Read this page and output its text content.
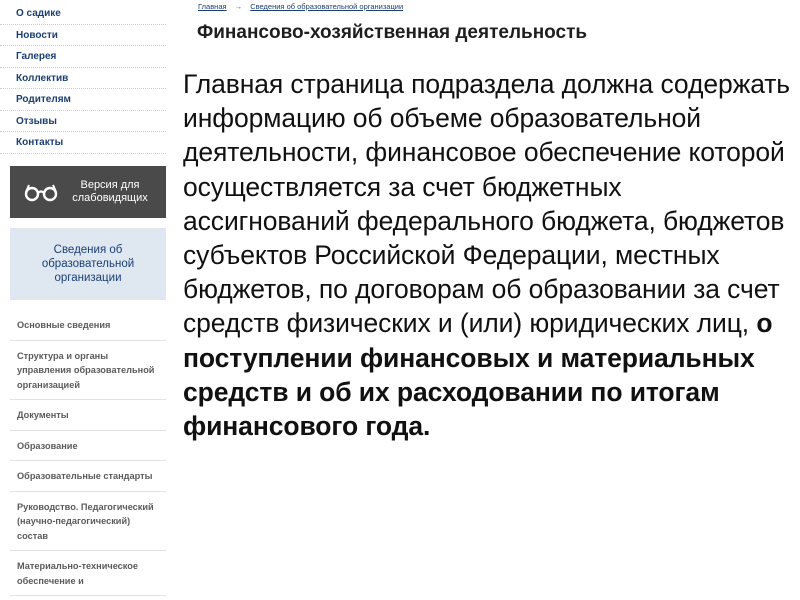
О садике
Новости
Галерея
Коллектив
Родителям
Отзывы
Контакты
Версия для слабовидящих
Сведения об образовательной организации
Основные сведения
Структура и органы управления образовательной организацией
Документы
Образование
Образовательные стандарты
Руководство. Педагогический (научно-педагогический) состав
Материально-техническое обеспечение и
Главная → Сведения об образовательной организации
Финансово-хозяйственная деятельность
Главная страница подраздела должна содержать информацию об объеме образовательной деятельности, финансовое обеспечение которой осуществляется за счет бюджетных ассигнований федерального бюджета, бюджетов субъектов Российской Федерации, местных бюджетов, по договорам об образовании за счет средств физических и (или) юридических лиц, о поступлении финансовых и материальных средств и об их расходовании по итогам финансового года.
